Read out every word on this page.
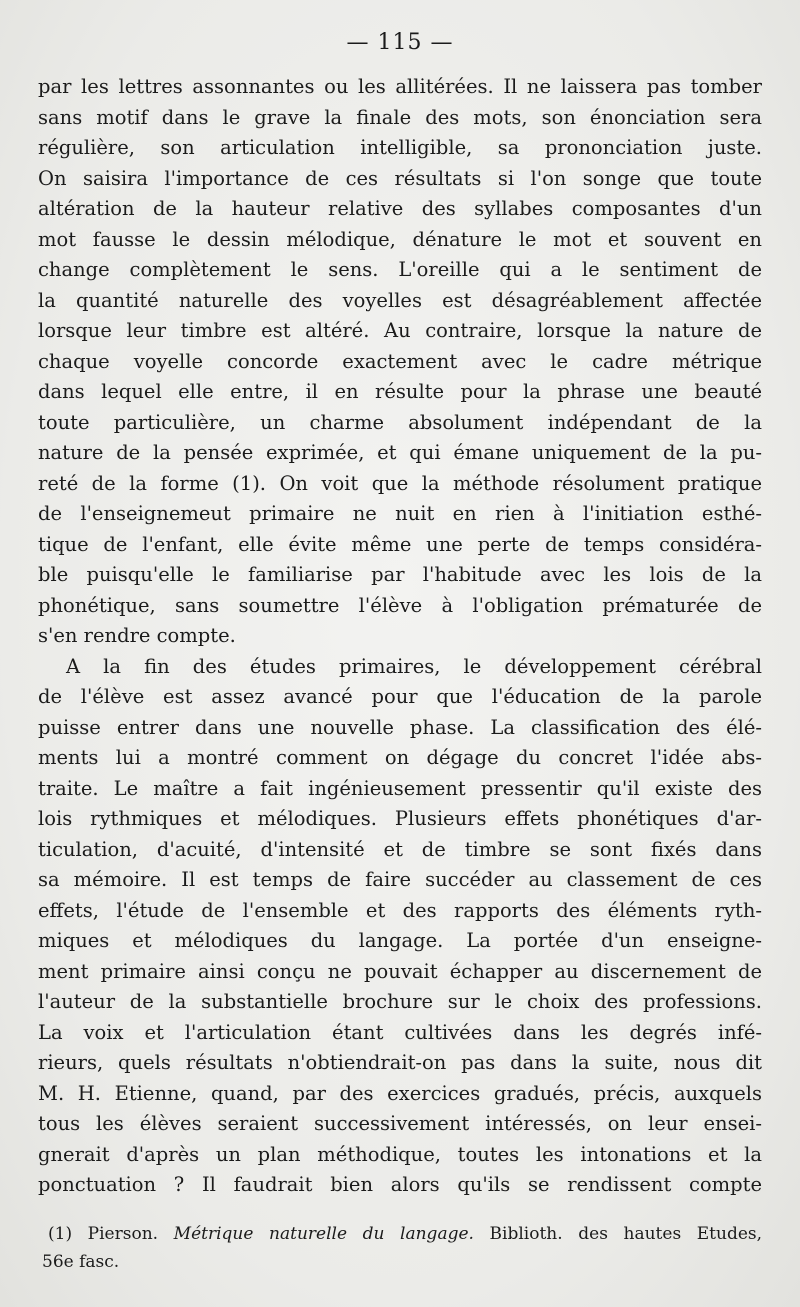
— 115 —
par les lettres assonnantes ou les allitérées. Il ne laissera pas tomber
sans motif dans le grave la finale des mots, son énonciation sera
régulière, son articulation intelligible, sa prononciation juste.
On saisira l'importance de ces résultats si l'on songe que toute
altération de la hauteur relative des syllabes composantes d'un
mot fausse le dessin mélodique, dénature le mot et souvent en
change complètement le sens. L'oreille qui a le sentiment de
la quantité naturelle des voyelles est désagréablement affectée
lorsque leur timbre est altéré. Au contraire, lorsque la nature de
chaque voyelle concorde exactement avec le cadre métrique
dans lequel elle entre, il en résulte pour la phrase une beauté
toute particulière, un charme absolument indépendant de la
nature de la pensée exprimée, et qui émane uniquement de la pu-
reté de la forme (1). On voit que la méthode résolument pratique
de l'enseignemeut primaire ne nuit en rien à l'initiation esthé-
tique de l'enfant, elle évite même une perte de temps considéra-
ble puisqu'elle le familiarise par l'habitude avec les lois de la
phonétique, sans soumettre l'élève à l'obligation prématurée de
s'en rendre compte.
A la fin des études primaires, le développement cérébral
de l'élève est assez avancé pour que l'éducation de la parole
puisse entrer dans une nouvelle phase. La classification des élé-
ments lui a montré comment on dégage du concret l'idée abs-
traite. Le maître a fait ingénieusement pressentir qu'il existe des
lois rythmiques et mélodiques. Plusieurs effets phonétiques d'ar-
ticulation, d'acuité, d'intensité et de timbre se sont fixés dans
sa mémoire. Il est temps de faire succéder au classement de ces
effets, l'étude de l'ensemble et des rapports des éléments ryth-
miques et mélodiques du langage. La portée d'un enseigne-
ment primaire ainsi conçu ne pouvait échapper au discernement de
l'auteur de la substantielle brochure sur le choix des professions.
La voix et l'articulation étant cultivées dans les degrés infé-
rieurs, quels résultats n'obtiendrait-on pas dans la suite, nous dit
M. H. Etienne, quand, par des exercices gradués, précis, auxquels
tous les élèves seraient successivement intéressés, on leur ensei-
gnerait d'après un plan méthodique, toutes les intonations et la
ponctuation ? Il faudrait bien alors qu'ils se rendissent compte
(1) Pierson. Métrique naturelle du langage. Biblioth. des hautes Etudes,
56e fasc.
